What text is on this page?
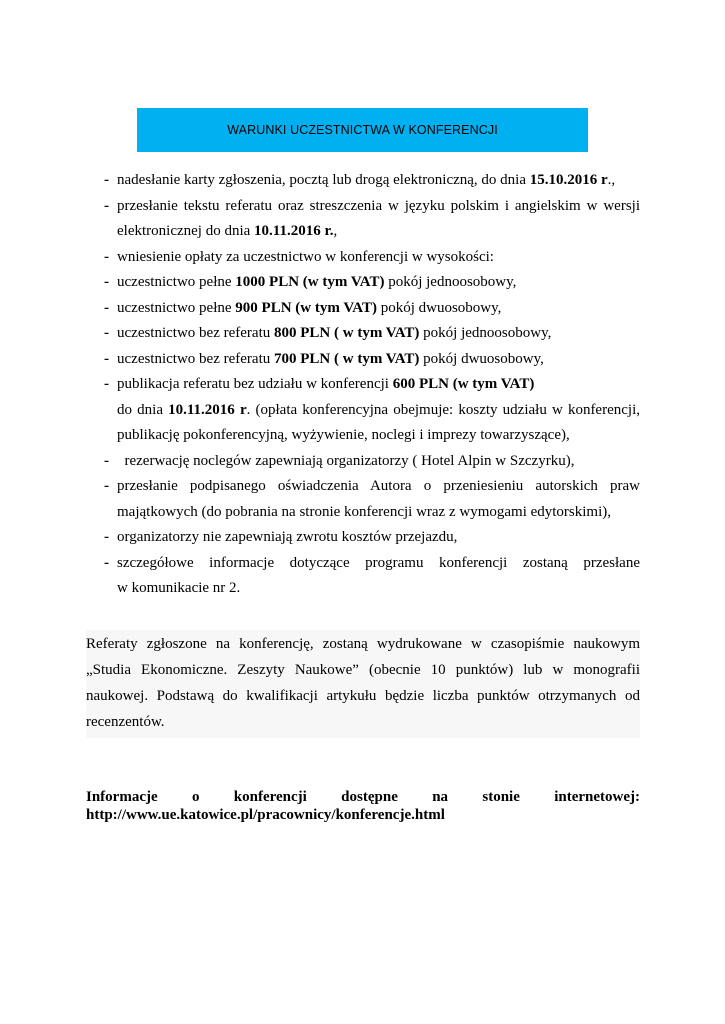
WARUNKI UCZESTNICTWA W KONFERENCJI
- nadesłanie karty zgłoszenia, pocztą lub drogą elektroniczną, do dnia 15.10.2016 r.,
- przesłanie tekstu referatu oraz streszczenia w języku polskim i angielskim w wersji elektronicznej do dnia 10.11.2016 r.,
- wniesienie opłaty za uczestnictwo w konferencji w wysokości:
- uczestnictwo pełne 1000 PLN (w tym VAT) pokój jednoosobowy,
- uczestnictwo pełne 900 PLN (w tym VAT) pokój dwuosobowy,
- uczestnictwo bez referatu 800 PLN ( w tym VAT) pokój jednoosobowy,
- uczestnictwo bez referatu 700 PLN ( w tym VAT) pokój dwuosobowy,
- publikacja referatu bez udziału w konferencji 600 PLN (w tym VAT)
do dnia 10.11.2016 r. (opłata konferencyjna obejmuje: koszty udziału w konferencji, publikację pokonferencyjną, wyżywienie, noclegi i imprezy towarzyszące),
- rezerwację noclegów zapewniają organizatorzy ( Hotel Alpin w Szczyrku),
- przesłanie podpisanego oświadczenia Autora o przeniesieniu autorskich praw majątkowych (do pobrania na stronie konferencji wraz z wymogami edytorskimi),
- organizatorzy nie zapewniają zwrotu kosztów przejazdu,
- szczegółowe informacje dotyczące programu konferencji zostaną przesłane
w komunikacie nr 2.
Referaty zgłoszone na konferencję, zostaną wydrukowane w czasopiśmie naukowym „Studia Ekonomiczne. Zeszyty Naukowe” (obecnie 10 punktów) lub w monografii naukowej. Podstawą do kwalifikacji artykułu będzie liczba punktów otrzymanych od recenzentów.
Informacje o konferencji dostępne na stonie internetowej:
http://www.ue.katowice.pl/pracownicy/konferencje.html
